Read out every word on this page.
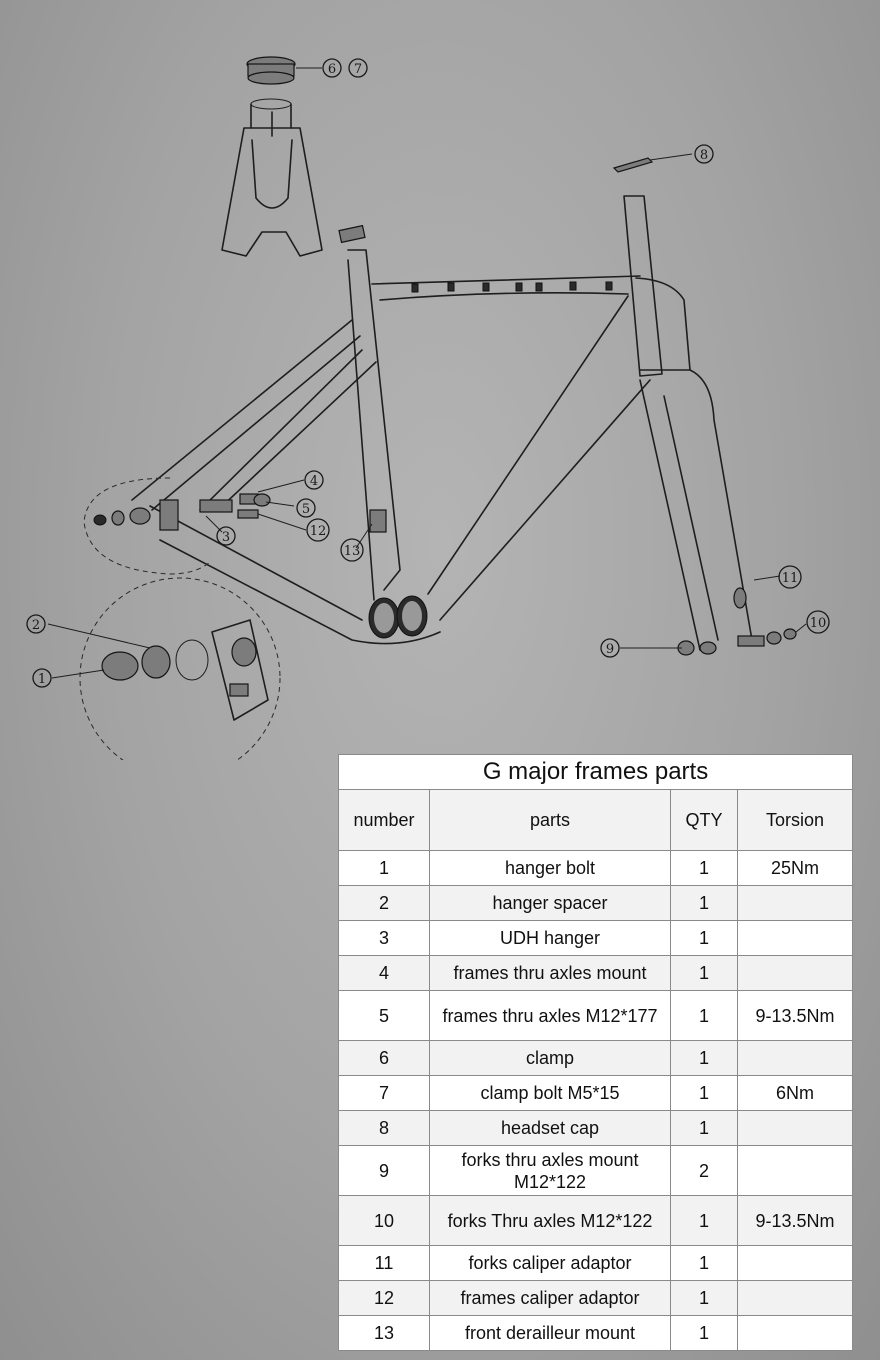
1
2
3
4
5
6 7
8
9
10
11
12
13
G major frames parts			
number	parts	QTY	Torsion
1	hanger bolt	1	25Nm
2	hanger spacer	1	
3	UDH hanger	1	
4	frames thru axles mount	1	
5	frames thru axles M12*177	1	9-13.5Nm
6	clamp	1	
7	clamp bolt M5*15	1	6Nm
8	headset cap	1	
9	forks thru axles mount M12*122	2	
10	forks Thru axles M12*122	1	9-13.5Nm
11	forks caliper adaptor	1	
12	frames caliper adaptor	1	
13	front derailleur mount	1	
